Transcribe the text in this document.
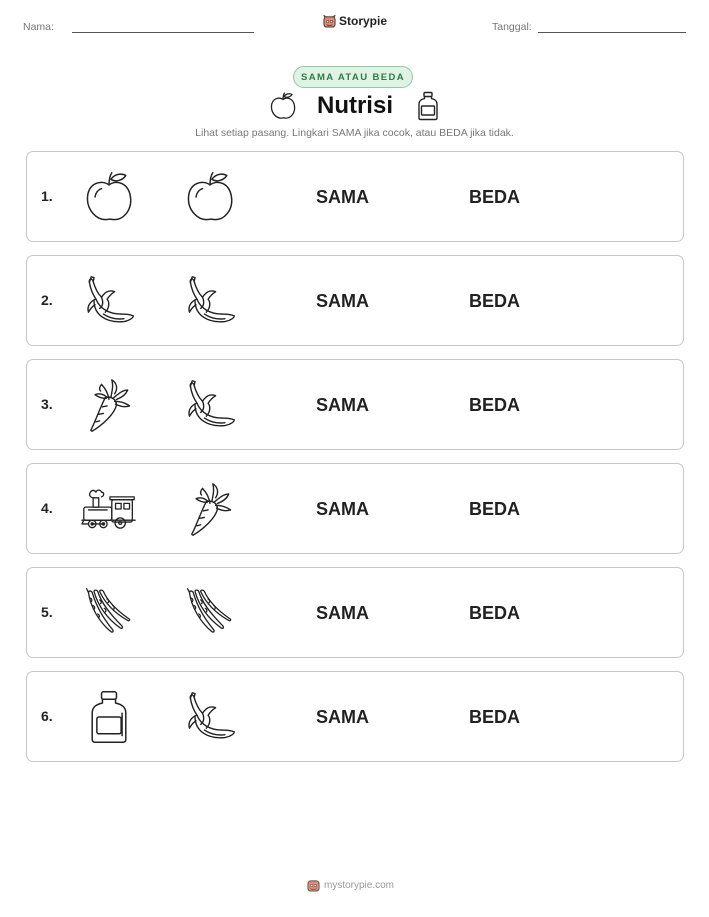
Nama:	Storypie	Tanggal:
SAMA ATAU BEDA
Nutrisi
Lihat setiap pasang. Lingkari SAMA jika cocok, atau BEDA jika tidak.
1.	SAMA	BEDA
2.	SAMA	BEDA
3.	SAMA	BEDA
4.	SAMA	BEDA
5.	SAMA	BEDA
6.	SAMA	BEDA
mystorypie.com
